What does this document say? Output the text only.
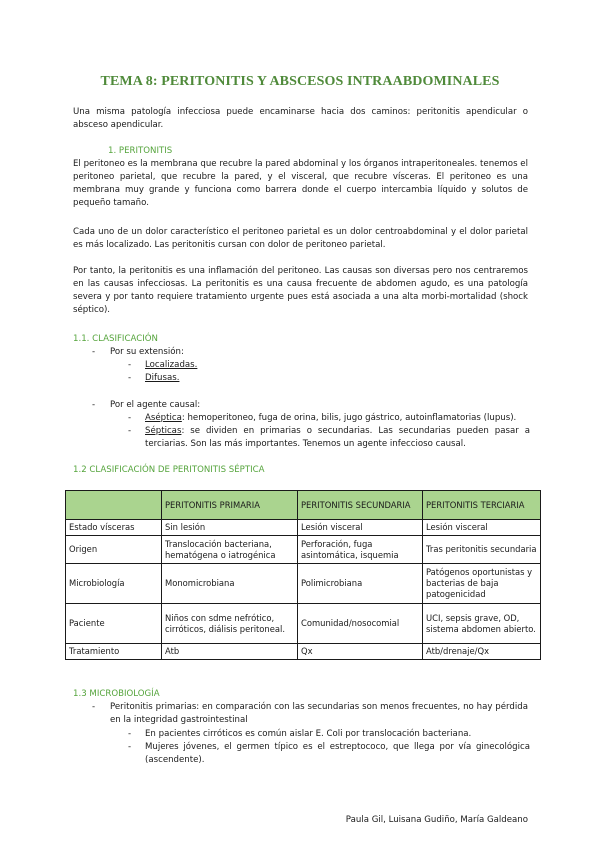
TEMA 8: PERITONITIS Y ABSCESOS INTRAABDOMINALES

Una misma patología infecciosa puede encaminarse hacia dos caminos: peritonitis apendicular o absceso apendicular.

1. PERITONITIS

El peritoneo es la membrana que recubre la pared abdominal y los órganos intraperitoneales. tenemos el peritoneo parietal, que recubre la pared, y el visceral, que recubre vísceras. El peritoneo es una membrana muy grande y funciona como barrera donde el cuerpo intercambia líquido y solutos de pequeño tamaño.

Cada uno de un dolor característico el peritoneo parietal es un dolor centroabdominal y el dolor parietal es más localizado. Las peritonitis cursan con dolor de peritoneo parietal.

Por tanto, la peritonitis es una inflamación del peritoneo. Las causas son diversas pero nos centraremos en las causas infecciosas. La peritonitis es una causa frecuente de abdomen agudo, es una patología severa y por tanto requiere tratamiento urgente pues está asociada a una alta morbi-mortalidad (shock séptico).

1.1. CLASIFICACIÓN

- Por su extensión:

- Localizadas.

- Difusas.

- Por el agente causal:

- Aséptica: hemoperitoneo, fuga de orina, bilis, jugo gástrico, autoinflamatorias (lupus).

- Sépticas: se dividen en primarias o secundarias. Las secundarias pueden pasar a terciarias. Son las más importantes. Tenemos un agente infeccioso causal.

1.2 CLASIFICACIÓN DE PERITONITIS SÉPTICA

	PERITONITIS PRIMARIA	PERITONITIS SECUNDARIA	PERITONITIS TERCIARIA
Estado vísceras	Sin lesión	Lesión visceral	Lesión visceral
Origen	Translocación bacteriana, hematógena o iatrogénica	Perforación, fuga asintomática, isquemia	Tras peritonitis secundaria
Microbiología	Monomicrobiana	Polimicrobiana	Patógenos oportunistas y bacterias de baja patogenicidad
Paciente	Niños con sdme nefrótico, cirróticos, diálisis peritoneal.	Comunidad/nosocomial	UCI, sepsis grave, OD, sistema abdomen abierto.
Tratamiento	Atb	Qx	Atb/drenaje/Qx

1.3 MICROBIOLOGÍA

- Peritonitis primarias: en comparación con las secundarias son menos frecuentes, no hay pérdida en la integridad gastrointestinal

- En pacientes cirróticos es común aislar E. Coli por translocación bacteriana.

- Mujeres jóvenes, el germen típico es el estreptococo, que llega por vía ginecológica (ascendente).

Paula Gil, Luisana Gudiño, María Galdeano
